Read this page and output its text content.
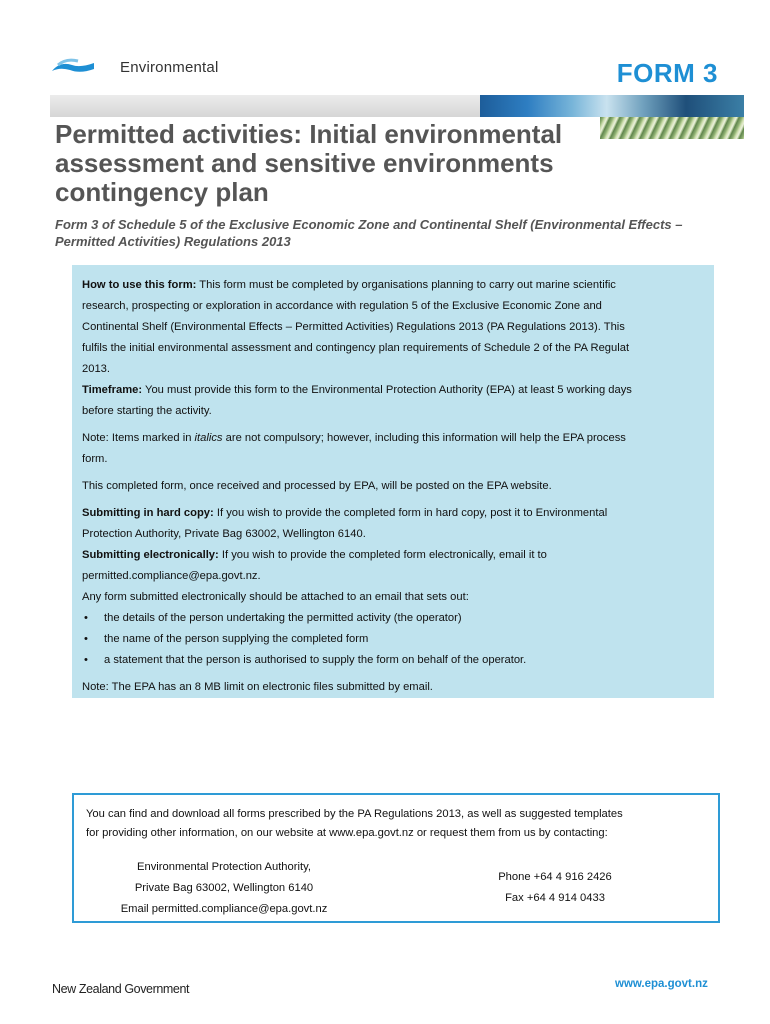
Environmental	FORM 3
Permitted activities: Initial environmental assessment and sensitive environments contingency plan
Form 3 of Schedule 5 of the Exclusive Economic Zone and Continental Shelf (Environmental Effects – Permitted Activities) Regulations 2013

How to use this form: This form must be completed by organisations planning to carry out marine scientific

research, prospecting or exploration in accordance with regulation 5 of the Exclusive Economic Zone and

Continental Shelf (Environmental Effects – Permitted Activities) Regulations 2013 (PA Regulations 2013). This

fulfils the initial environmental assessment and contingency plan requirements of Schedule 2 of the PA Regulat

2013.

Timeframe: You must provide this form to the Environmental Protection Authority (EPA) at least 5 working days

before starting the activity.

Note: Items marked in italics are not compulsory; however, including this information will help the EPA process

form.

This completed form, once received and processed by EPA, will be posted on the EPA website.

Submitting in hard copy: If you wish to provide the completed form in hard copy, post it to Environmental

Protection Authority, Private Bag 63002, Wellington 6140.

Submitting electronically: If you wish to provide the completed form electronically, email it to

permitted.compliance@epa.govt.nz.

Any form submitted electronically should be attached to an email that sets out:

• the details of the person undertaking the permitted activity (the operator)
• the name of the person supplying the completed form
• a statement that the person is authorised to supply the form on behalf of the operator.

Note: The EPA has an 8 MB limit on electronic files submitted by email.

You can find and download all forms prescribed by the PA Regulations 2013, as well as suggested templates
for providing other information, on our website at www.epa.govt.nz or request them from us by contacting:
Environmental Protection Authority,
Private Bag 63002, Wellington 6140
Email permitted.compliance@epa.govt.nz
Phone +64 4 916 2426
Fax +64 4 914 0433
New Zealand Government	www.epa.govt.nz
